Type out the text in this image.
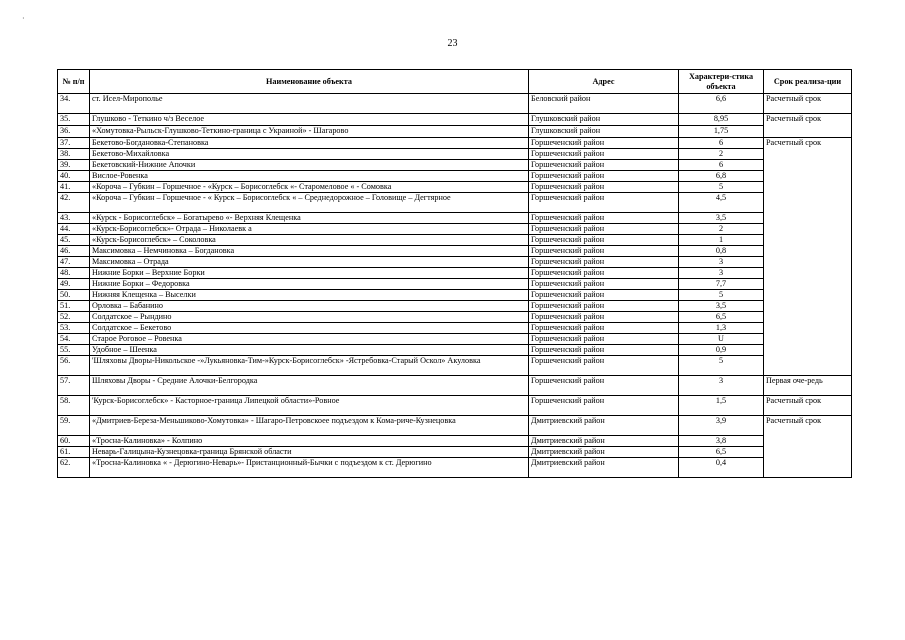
23
№ п/п	Наименование объекта	Адрес	Характери-стика объекта	Срок реализа-ции
34.	ст. Исел-Мирополье	Беловский район	6,6	Расчетный срок
35.	Глушково - Теткино ч/з Веселое	Глушковский район	8,95	Расчетный срок
36.	«Хомутовка-Рыльск-Глушково-Теткино-граница с Украиной» - Шагарово	Глушковский район	1,75	
37.	Бекетово-Богдановка-Степановка	Горшеченский район	6	Расчетный срок
38.	Бекетово-Михайловка	Горшеченский район	2	
39.	Бекетовский-Нижние Апочки	Горшеченский район	6	
40.	Вислое-Ровенка	Горшеченский район	6,8	
41.	«Короча – Губкин – Горшечное - «Курск – Борисоглебск «- Старомеловое « - Сомовка	Горшеченский район	5	
42.	«Короча – Губкин – Горшечное - « Курск – Борисоглебск « – Среднедорожное – Головище – Дегтярное	Горшеченский район	4,5	
43.	«Курск - Борисоглебск» – Богатырево «- Верхняя Клещенка	Горшеченский район	3,5	
44.	«Курск-Борисоглебск»- Отрада – Николаевк а	Горшеченский район	2	
45.	«Курск-Борисоглебск» – Соколовка	Горшеченский район	1	
46.	Максимовка – Немчиновка – Богдановка	Горшеченский район	0,8	
47.	Максимовка – Отрада	Горшеченский район	3	
48.	Нижние Борки – Верхние Борки	Горшеченский район	3	
49.	Нижние Борки – Федоровка	Горшеченский район	7,7	
50.	Нижняя Клещенка – Выселки	Горшеченский район	5	
51.	Орловка – Бабанино	Горшеченский район	3,5	
52.	Солдатское – Рындино	Горшеченский район	6,5	
53.	Солдатское – Бекетово	Горшеченский район	1,3	
54.	Старое Роговое – Ровенка	Горшеченский район	U	
55.	Удобное – Шеенка	Горшеченский район	0,9	
56.	'Шляховы Дворы-Никольское -»Лукьяновка-Тим-»Курск-Борисоглебск» -Ястребовка-Старый Оскол» Акуловка	Горшеченский район	5	
57.	Шляховы Дворы - Средние Алочки-Белгородка	Горшеченский район	3	Первая оче-редь
58.	'Курск-Борисоглебск» - Касторное-граница Липецкой области»-Ровное	Горшеченский район	1,5	Расчетный срок
59.	«Дмитриев-Береза-Меньшиково-Хомутовка» - Шагаро-Петровскоее подъездом к Кома-риче-Кузнецовка	Дмитриевский район	3,9	Расчетный срок
60.	«Тросна-Калиновка» - Колпино	Дмитриевский район	3,8	
61.	Неварь-Галицына-Кузнецовка-граница Брянской области	Дмитриевский район	6,5	
62.	«Тросна-Калиновка « - Дерюгино-Неварь»- Пристанционный-Бычки с подъездом к ст. Дерюгино	Дмитриевский район	0,4	
·
